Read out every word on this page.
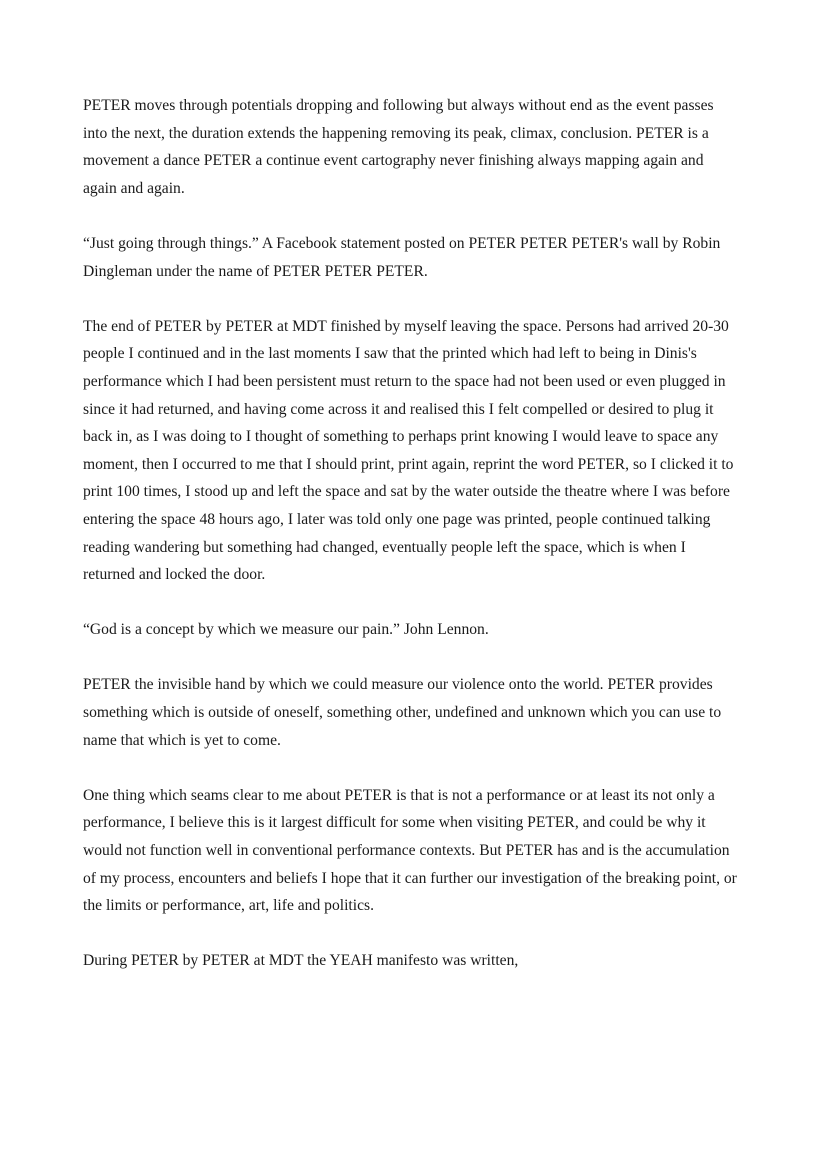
PETER moves through potentials dropping and following but always without end as the event passes into the next, the duration extends the happening removing its peak, climax, conclusion. PETER is a movement a dance PETER a continue event cartography never finishing always mapping again and again and again.

“Just going through things.” A Facebook statement posted on PETER PETER PETER's wall by Robin Dingleman under the name of PETER PETER PETER.

The end of PETER by PETER at MDT finished by myself leaving the space. Persons had arrived 20-30 people I continued and in the last moments I saw that the printed which had left to being in Dinis's performance which I had been persistent must return to the space had not been used or even plugged in since it had returned, and having come across it and realised this I felt compelled or desired to plug it back in, as I was doing to I thought of something to perhaps print knowing I would leave to space any moment, then I occurred to me that I should print, print again, reprint the word PETER, so I clicked it to print 100 times, I stood up and left the space and sat by the water outside the theatre where I was before entering the space 48 hours ago, I later was told only one page was printed, people continued talking reading wandering but something had changed, eventually people left the space, which is when I returned and locked the door.

“God is a concept by which we measure our pain.” John Lennon.

PETER the invisible hand by which we could measure our violence onto the world. PETER provides something which is outside of oneself, something other, undefined and unknown which you can use to name that which is yet to come.

One thing which seams clear to me about PETER is that is not a performance or at least its not only a performance, I believe this is it largest difficult for some when visiting PETER, and could be why it would not function well in conventional performance contexts. But PETER has and is the accumulation of my process, encounters and beliefs I hope that it can further our investigation of the breaking point, or the limits or performance, art, life and politics.

During PETER by PETER at MDT the YEAH manifesto was written,
